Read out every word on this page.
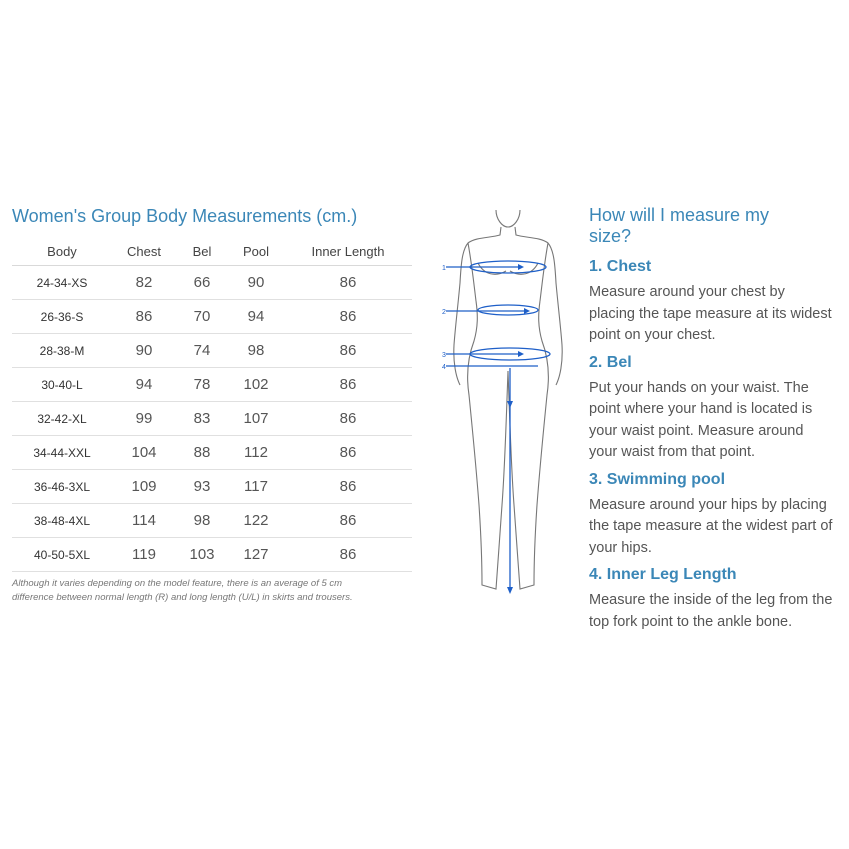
Women's Group Body Measurements (cm.)
Body	Chest	Bel	Pool	Inner Length
24-34-XS	82	66	90	86
26-36-S	86	70	94	86
28-38-M	90	74	98	86
30-40-L	94	78	102	86
32-42-XL	99	83	107	86
34-44-XXL	104	88	112	86
36-46-3XL	109	93	117	86
38-48-4XL	114	98	122	86
40-50-5XL	119	103	127	86
Although it varies depending on the model feature, there is an average of 5 cm
difference between normal length (R) and long length (U/L) in skirts and trousers.
1
2
3
4
How will I measure my
size?
1. Chest
Measure around your chest by placing the tape measure at its widest point on your chest.
2. Bel
Put your hands on your waist. The point where your hand is located is your waist point. Measure around your waist from that point.
3. Swimming pool
Measure around your hips by placing the tape measure at the widest part of your hips.
4. Inner Leg Length
Measure the inside of the leg from the top fork point to the ankle bone.
